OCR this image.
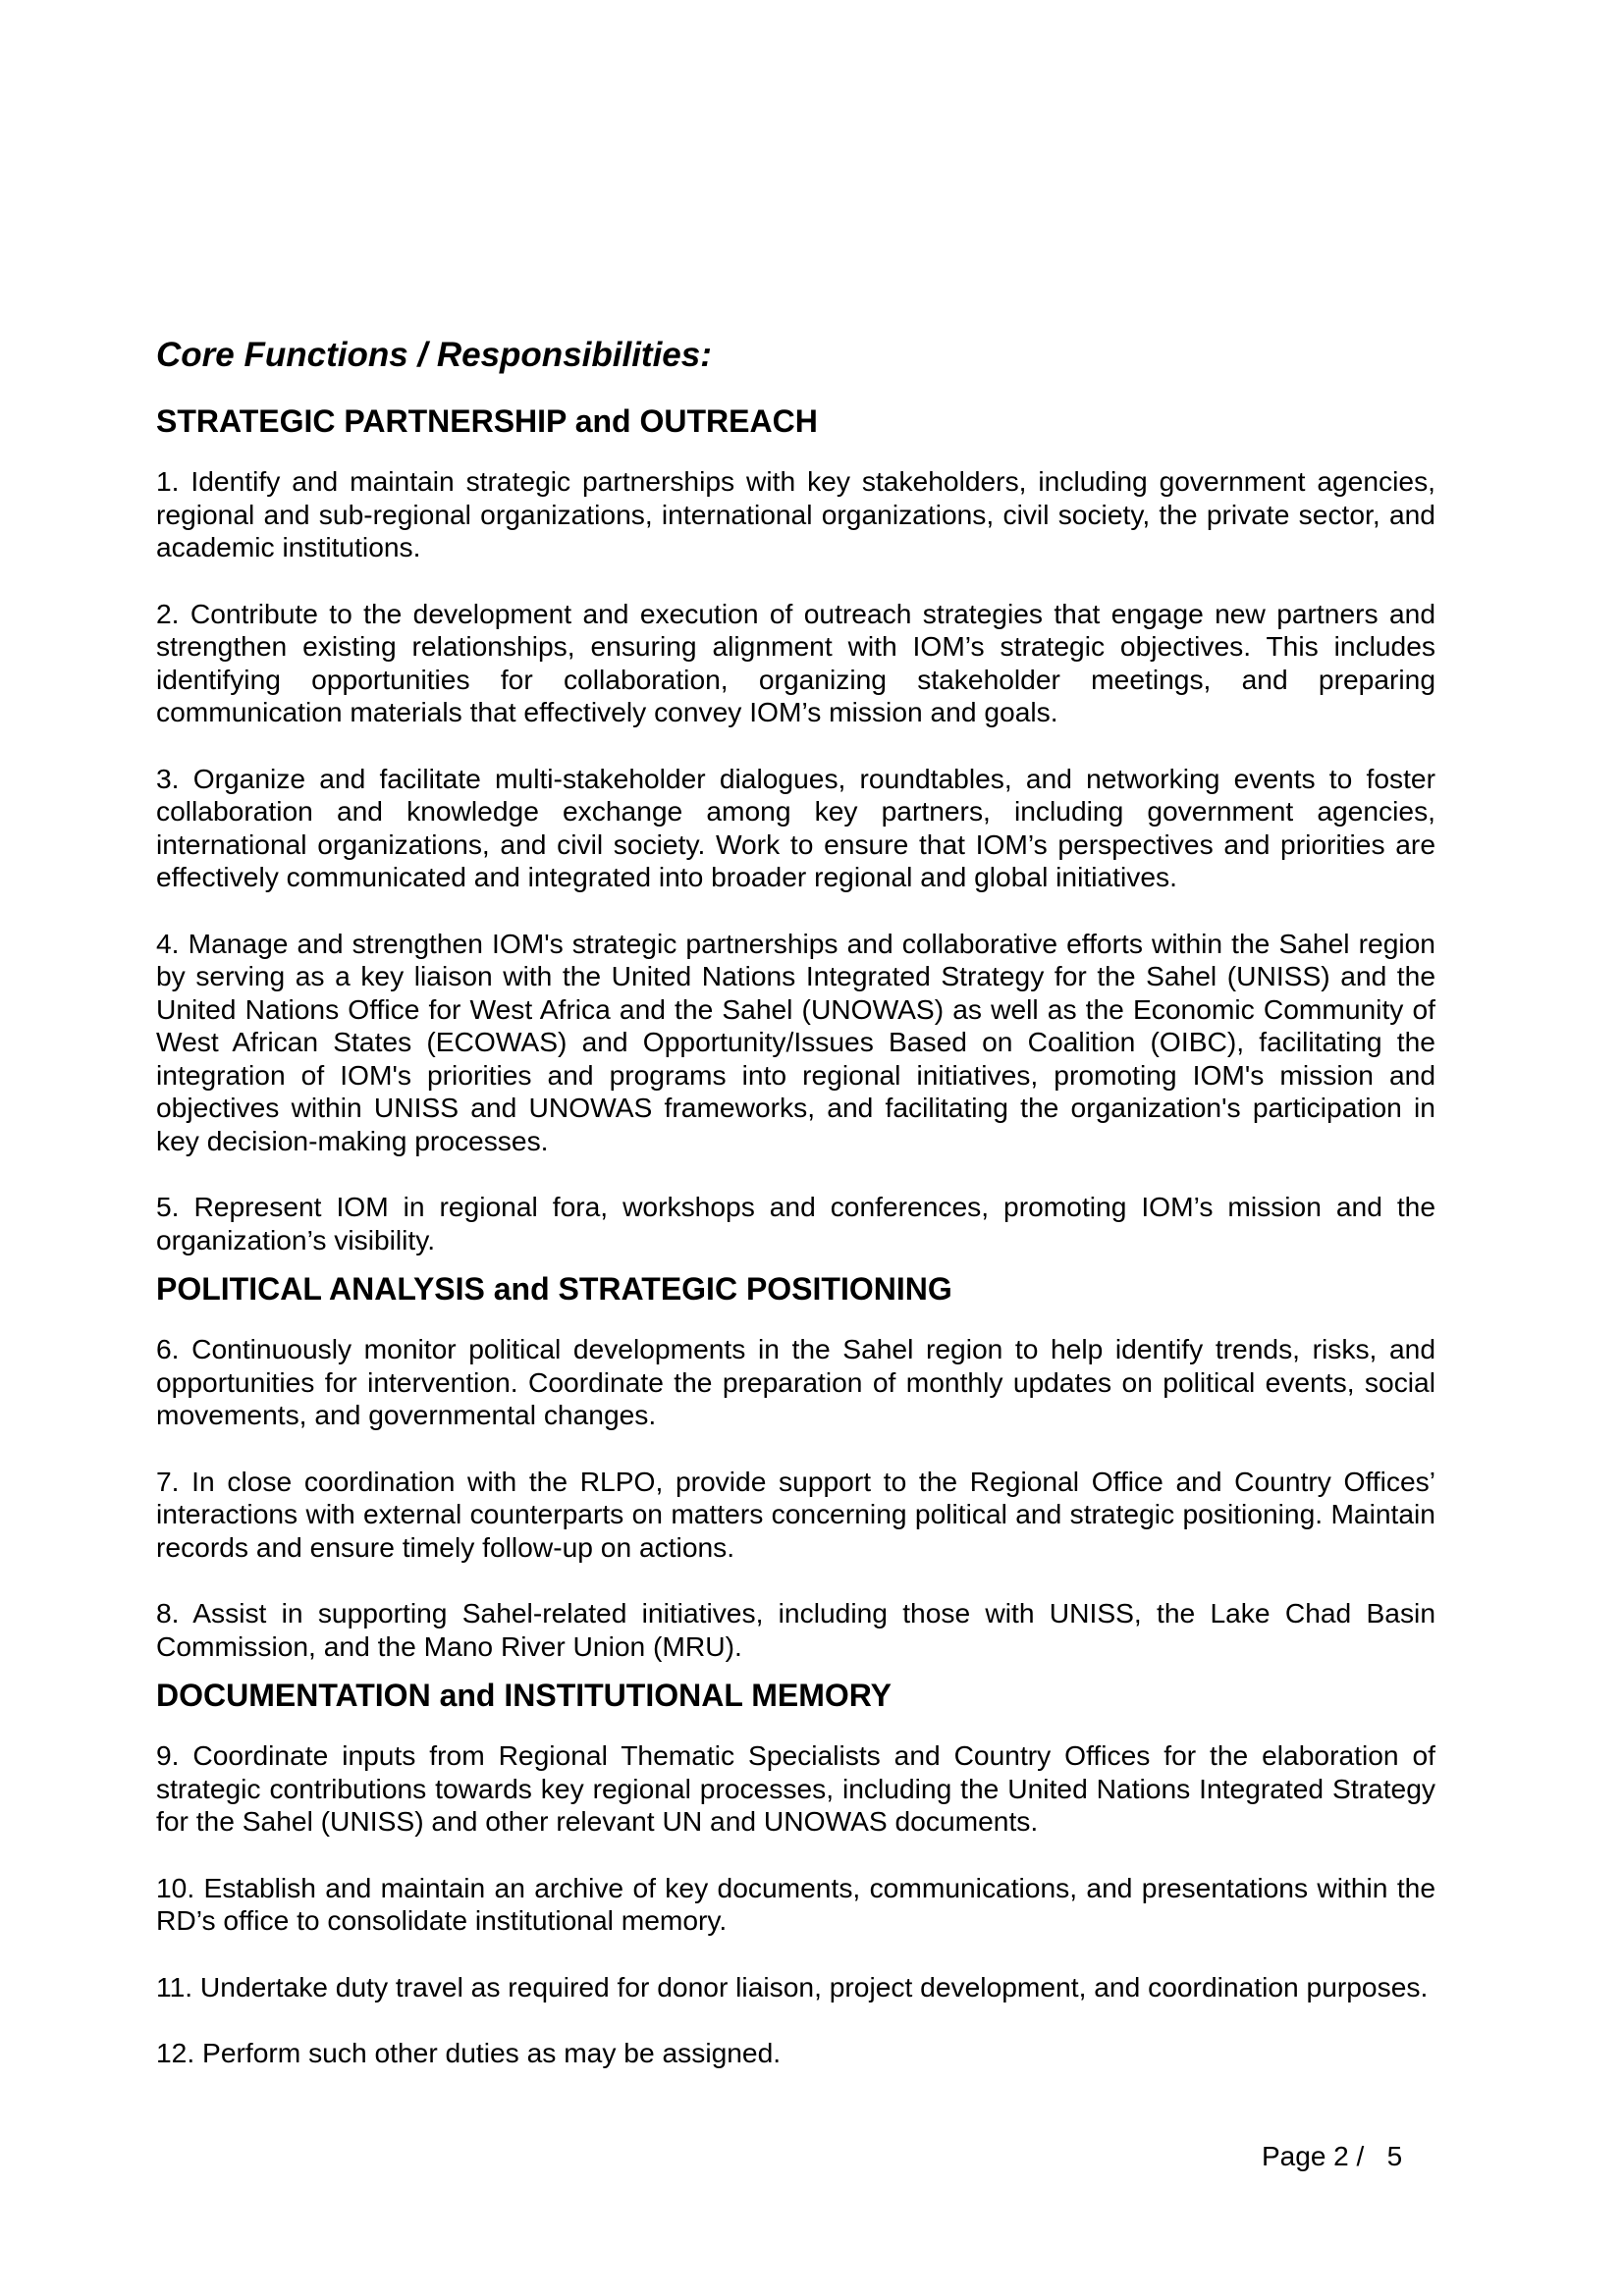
Core Functions / Responsibilities:
STRATEGIC PARTNERSHIP and OUTREACH

1. Identify and maintain strategic partnerships with key stakeholders, including government agencies, regional and sub-regional organizations, international organizations, civil society, the private sector, and academic institutions.

2. Contribute to the development and execution of outreach strategies that engage new partners and strengthen existing relationships, ensuring alignment with IOM’s strategic objectives. This includes identifying opportunities for collaboration, organizing stakeholder meetings, and preparing communication materials that effectively convey IOM’s mission and goals.

3. Organize and facilitate multi-stakeholder dialogues, roundtables, and networking events to foster collaboration and knowledge exchange among key partners, including government agencies, international organizations, and civil society. Work to ensure that IOM’s perspectives and priorities are effectively communicated and integrated into broader regional and global initiatives.

4. Manage and strengthen IOM's strategic partnerships and collaborative efforts within the Sahel region by serving as a key liaison with the United Nations Integrated Strategy for the Sahel (UNISS) and the United Nations Office for West Africa and the Sahel (UNOWAS) as well as the Economic Community of West African States (ECOWAS) and Opportunity/Issues Based on Coalition (OIBC), facilitating the integration of IOM's priorities and programs into regional initiatives, promoting IOM's mission and objectives within UNISS and UNOWAS frameworks, and facilitating the organization's participation in key decision-making processes.

5. Represent IOM in regional fora, workshops and conferences, promoting IOM’s mission and the organization’s visibility.

POLITICAL ANALYSIS and STRATEGIC POSITIONING

6. Continuously monitor political developments in the Sahel region to help identify trends, risks, and opportunities for intervention. Coordinate the preparation of monthly updates on political events, social movements, and governmental changes.

7. In close coordination with the RLPO, provide support to the Regional Office and Country Offices’ interactions with external counterparts on matters concerning political and strategic positioning. Maintain records and ensure timely follow-up on actions.

8. Assist in supporting Sahel-related initiatives, including those with UNISS, the Lake Chad Basin Commission, and the Mano River Union (MRU).

DOCUMENTATION and INSTITUTIONAL MEMORY

9. Coordinate inputs from Regional Thematic Specialists and Country Offices for the elaboration of strategic contributions towards key regional processes, including the United Nations Integrated Strategy for the Sahel (UNISS) and other relevant UN and UNOWAS documents.

10. Establish and maintain an archive of key documents, communications, and presentations within the RD’s office to consolidate institutional memory.

11. Undertake duty travel as required for donor liaison, project development, and coordination purposes.

12. Perform such other duties as may be assigned.

Page 2 /   5
